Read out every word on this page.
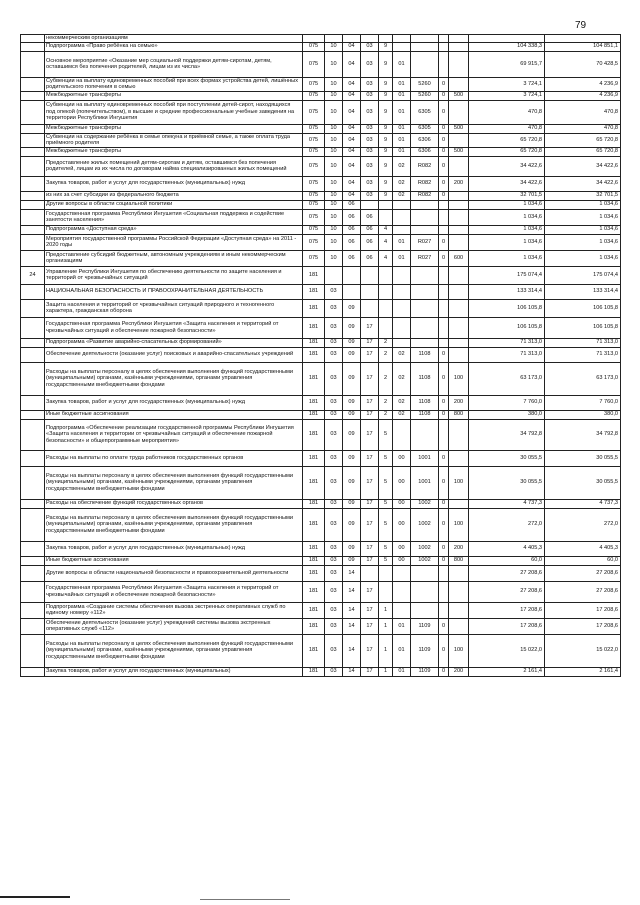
79
	некоммерческим организациям											
	Подпрограмма «Право ребёнка на семью»	075	10	04	03	9					104 338,3	104 851,1
	Основное мероприятие «Оказание мер социальной поддержки детям-сиротам, детям, оставшимся без попечения родителей, лицам из их числа»	075	10	04	03	9	01				69 915,7	70 428,5
	Субвенции на выплату единовременных пособий при всех формах устройства детей, лишённых родительского попечения в семью	075	10	04	03	9	01	5260	0		3 724,1	4 236,9
	Межбюджетные трансферты	075	10	04	03	9	01	5260	0	500	3 724,1	4 236,9
	Субвенции на выплату единовременных пособий при поступлении детей-сирот, находящихся под опекой (попечительством), в высшие и средние профессиональные учебные заведения на территории Республики Ингушетия	075	10	04	03	9	01	6305	0		470,8	470,8
	Межбюджетные трансферты	075	10	04	03	9	01	6305	0	500	470,8	470,8
	Субвенции на содержание ребёнка в семье опекуна и приёмной семье, а также оплата труда приёмного родителя	075	10	04	03	9	01	6306	0		65 720,8	65 720,8
	Межбюджетные трансферты	075	10	04	03	9	01	6306	0	500	65 720,8	65 720,8
	Предоставление жилых помещений детям-сиротам и детям, оставшимся без попечения родителей, лицам из их числа по договорам найма специализированных жилых помещений	075	10	04	03	9	02	R082	0		34 422,6	34 422,6
	Закупка товаров, работ и услуг для государственных (муниципальных) нужд	075	10	04	03	9	02	R082	0	200	34 422,6	34 422,6
	из них за счет субсидии из федерального бюджета	075	10	04	03	9	02	R082	0		32 701,5	32 701,5
	Другие вопросы в области социальной политики	075	10	06							1 034,6	1 034,6
	Государственная программа Республики Ингушетия «Социальная поддержка и содействие занятости населения»	075	10	06	06						1 034,6	1 034,6
	Подпрограмма «Доступная среда»	075	10	06	06	4					1 034,6	1 034,6
	Мероприятия государственной программы Российской Федерации «Доступная среда» на 2011 - 2020 годы	075	10	06	06	4	01	R027	0		1 034,6	1 034,6
	Предоставление субсидий бюджетным, автономным учреждениям и иным некоммерческим организациям	075	10	06	06	4	01	R027	0	600	1 034,6	1 034,6
24	Управление Республики Ингушетия по обеспечению деятельности по защите населения и территорий от чрезвычайных ситуаций	181									175 074,4	175 074,4
	НАЦИОНАЛЬНАЯ БЕЗОПАСНОСТЬ И ПРАВООХРАНИТЕЛЬНАЯ ДЕЯТЕЛЬНОСТЬ	181	03								133 314,4	133 314,4
	Защита населения и территорий от чрезвычайных ситуаций природного и техногенного характера, гражданская оборона	181	03	09							106 105,8	106 105,8
	Государственная программа Республики Ингушетия «Защита населения и территорий от чрезвычайных ситуаций и обеспечение пожарной безопасности»	181	03	09	17						106 105,8	106 105,8
	Подпрограмма «Развитие аварийно-спасательных формирований»	181	03	09	17	2					71 313,0	71 313,0
	Обеспечение деятельности (оказание услуг) поисковых и аварийно-спасательных учреждений	181	03	09	17	2	02	1108	0		71 313,0	71 313,0
	Расходы на выплаты персоналу в целях обеспечения выполнения функций государственными (муниципальными) органами, казёнными учреждениями, органами управления государственными внебюджетными фондами	181	03	09	17	2	02	1108	0	100	63 173,0	63 173,0
	Закупка товаров, работ и услуг для государственных (муниципальных) нужд	181	03	09	17	2	02	1108	0	200	7 760,0	7 760,0
	Иные бюджетные ассигнования	181	03	09	17	2	02	1108	0	800	380,0	380,0
	Подпрограмма «Обеспечение реализации государственной программы Республики Ингушетия «Защита населения и территории от чрезвычайных ситуаций и обеспечение пожарной безопасности» и общепрограммные мероприятия»	181	03	09	17	5					34 792,8	34 792,8
	Расходы на выплаты по оплате труда работников государственных органов	181	03	09	17	5	00	1001	0		30 055,5	30 055,5
	Расходы на выплаты персоналу в целях обеспечения выполнения функций государственными (муниципальными) органами, казёнными учреждениями, органами управления государственными внебюджетными фондами	181	03	09	17	5	00	1001	0	100	30 055,5	30 055,5
	Расходы на обеспечение функций государственных органов	181	03	09	17	5	00	1002	0		4 737,3	4 737,3
	Расходы на выплаты персоналу в целях обеспечения выполнения функций государственными (муниципальными) органами, казёнными учреждениями, органами управления государственными внебюджетными фондами	181	03	09	17	5	00	1002	0	100	272,0	272,0
	Закупка товаров, работ и услуг для государственных (муниципальных) нужд	181	03	09	17	5	00	1002	0	200	4 405,3	4 405,3
	Иные бюджетные ассигнования	181	03	09	17	5	00	1002	0	800	60,0	60,0
	Другие вопросы в области национальной безопасности и правоохранительной деятельности	181	03	14							27 208,6	27 208,6
	Государственная программа Республики Ингушетия «Защита населения и территорий от чрезвычайных ситуаций и обеспечение пожарной безопасности»	181	03	14	17						27 208,6	27 208,6
	Подпрограмма «Создание системы обеспечения вызова экстренных оперативных служб по единому номеру «112»	181	03	14	17	1					17 208,6	17 208,6
	Обеспечение деятельности (оказание услуг) учреждений системы вызова экстренных оперативных служб «112»	181	03	14	17	1	01	1109	0		17 208,6	17 208,6
	Расходы на выплаты персоналу в целях обеспечения выполнения функций государственными (муниципальными) органами, казёнными учреждениями, органами управления государственными внебюджетными фондами	181	03	14	17	1	01	1109	0	100	15 022,0	15 022,0
	Закупка товаров, работ и услуг для государственных (муниципальных)	181	03	14	17	1	01	1109	0	200	2 161,4	2 161,4
